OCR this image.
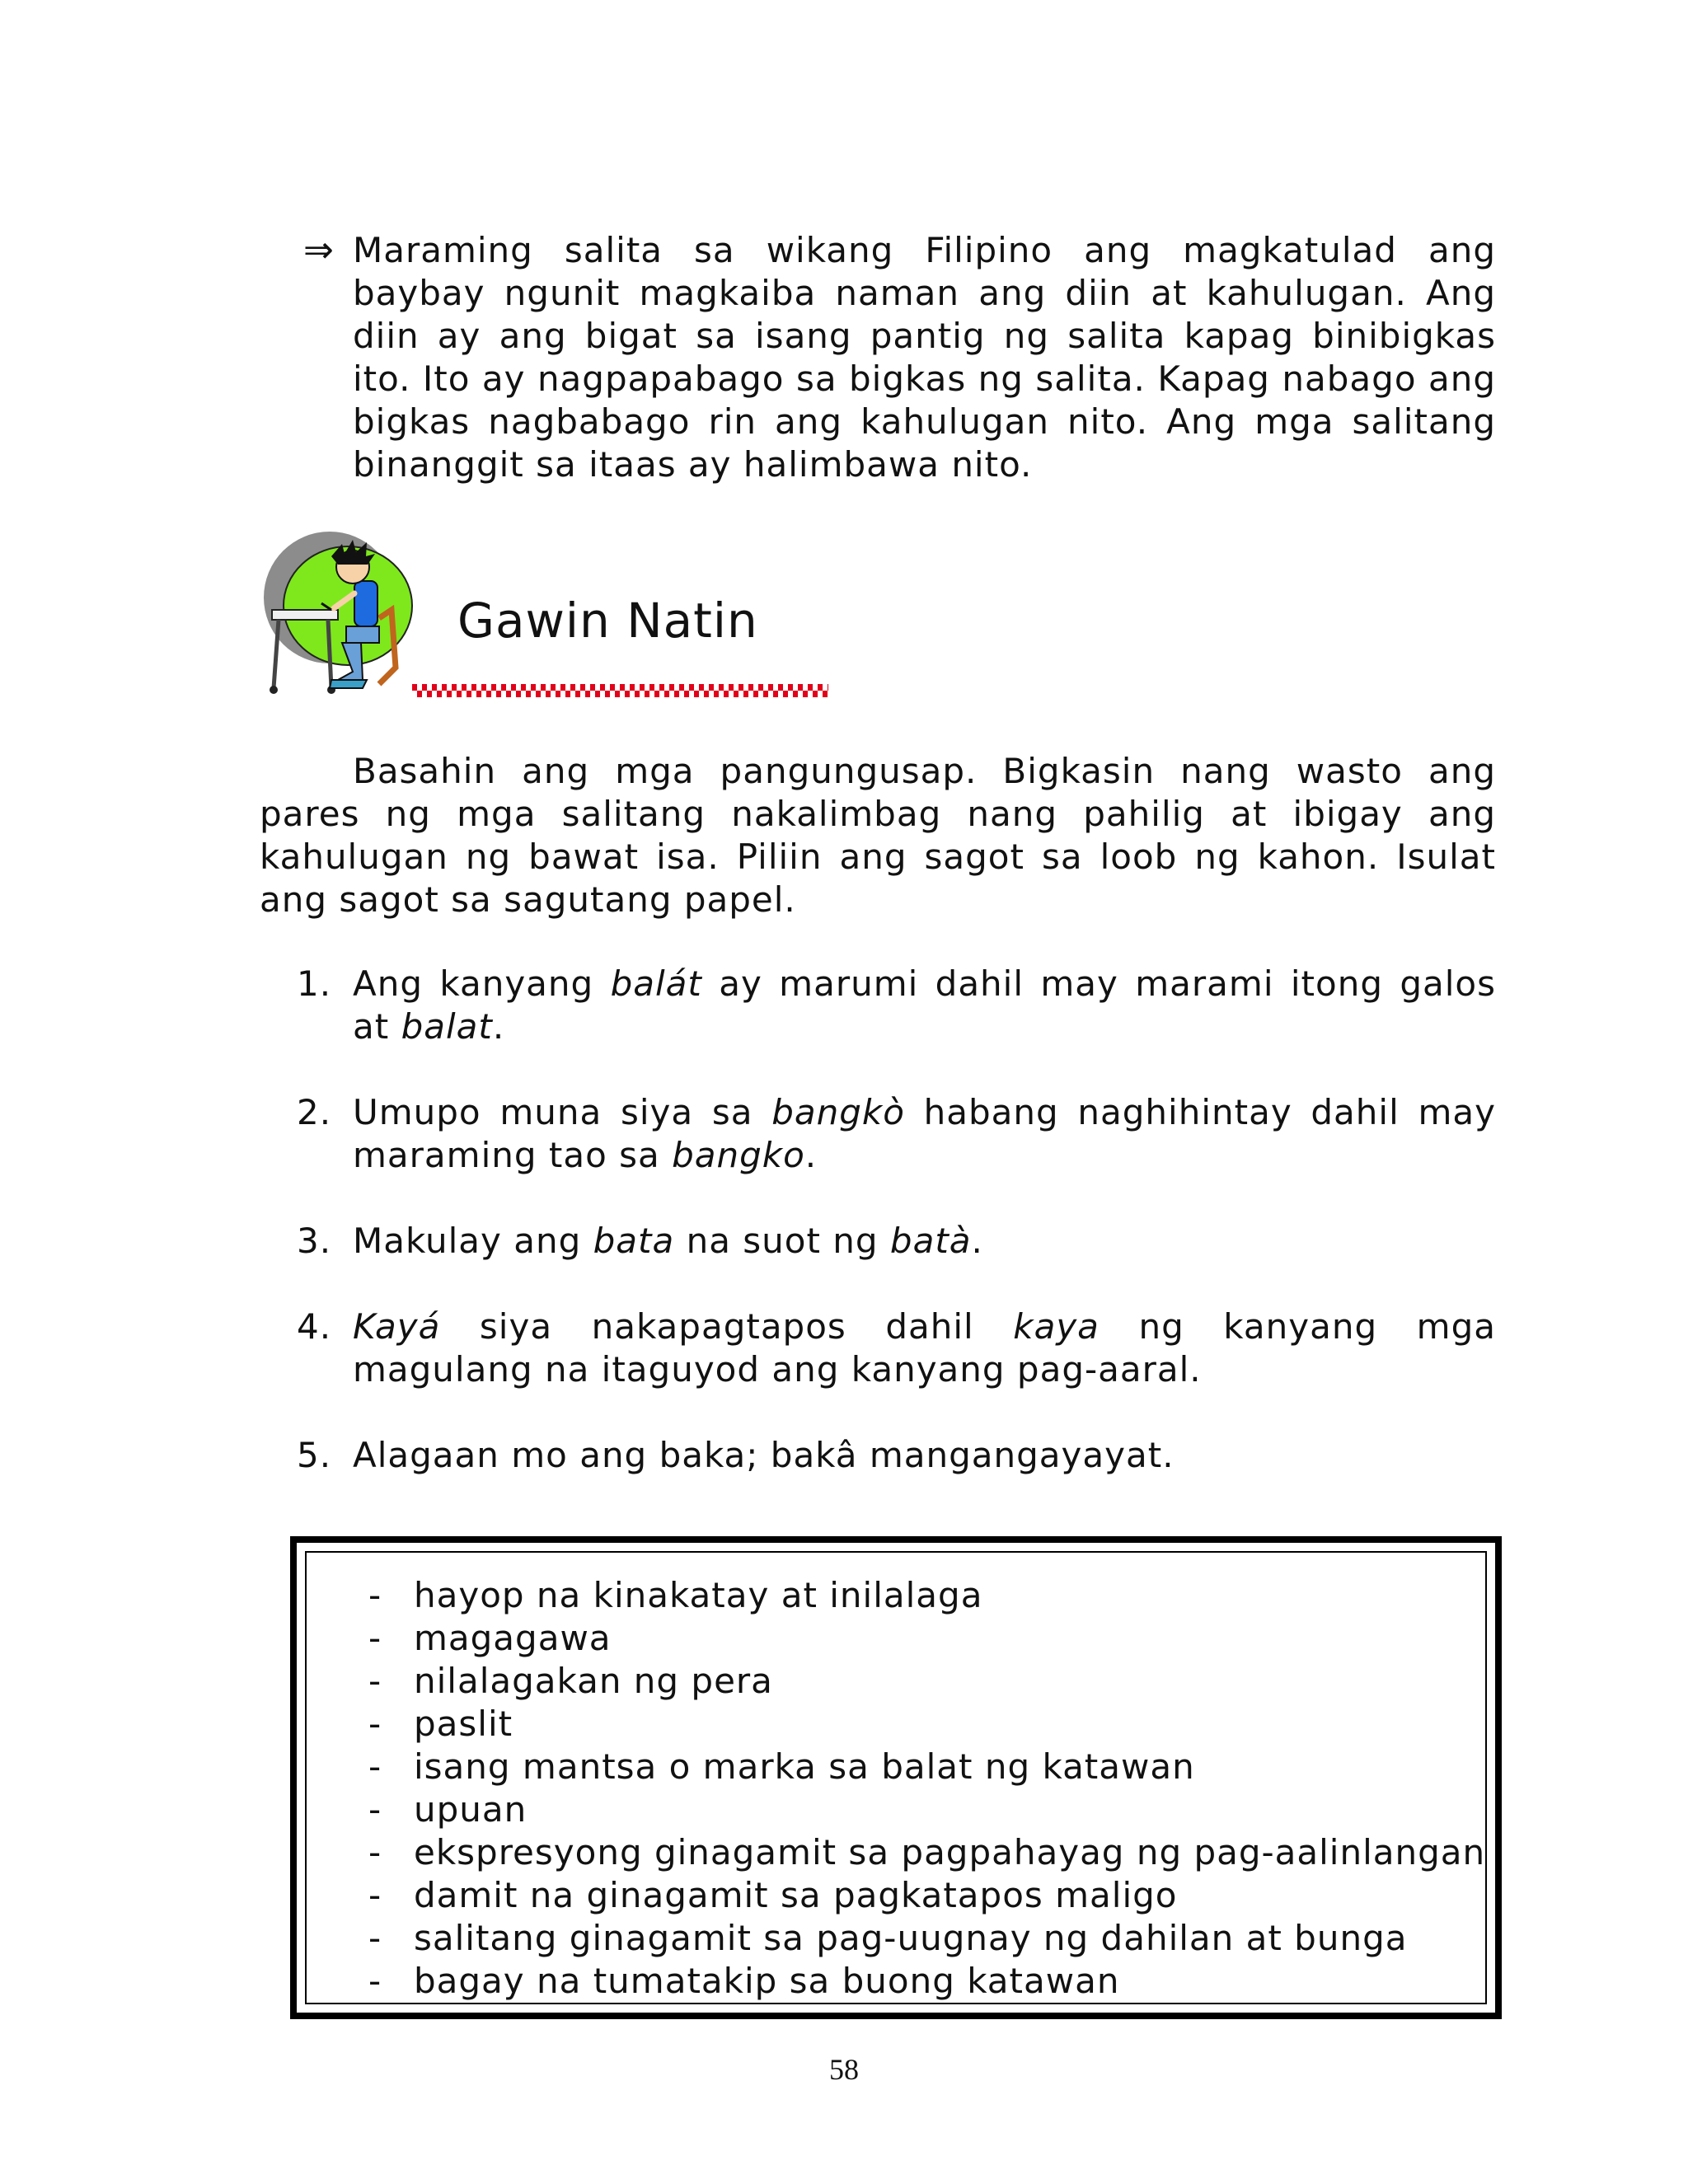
⇒ Maraming salita sa wikang Filipino ang magkatulad ang baybay ngunit magkaiba naman ang diin at kahulugan. Ang diin ay ang bigat sa isang pantig ng salita kapag binibigkas ito. Ito ay nagpapabago sa bigkas ng salita. Kapag nabago ang bigkas nagbabago rin ang kahulugan nito. Ang mga salitang binanggit sa itaas ay halimbawa nito.
Gawin Natin
Basahin ang mga pangungusap. Bigkasin nang wasto ang pares ng mga salitang nakalimbag nang pahilig at ibigay ang kahulugan ng bawat isa. Piliin ang sagot sa loob ng kahon. Isulat ang sagot sa sagutang papel.
1. Ang kanyang balát ay marumi dahil may marami itong galos at balat.
2. Umupo muna siya sa bangkò habang naghihintay dahil may maraming tao sa bangko.
3. Makulay ang bata na suot ng batà.
4. Kayá siya nakapagtapos dahil kaya ng kanyang mga magulang na itaguyod ang kanyang pag-aaral.
5. Alagaan mo ang baka; bakâ mangangayayat.
- hayop na kinakatay at inilalaga
- magagawa
- nilalagakan ng pera
- paslit
- isang mantsa o marka sa balat ng katawan
- upuan
- ekspresyong ginagamit sa pagpahayag ng pag-aalinlangan
- damit na ginagamit sa pagkatapos maligo
- salitang ginagamit sa pag-uugnay ng dahilan at bunga
- bagay na tumatakip sa buong katawan
58
